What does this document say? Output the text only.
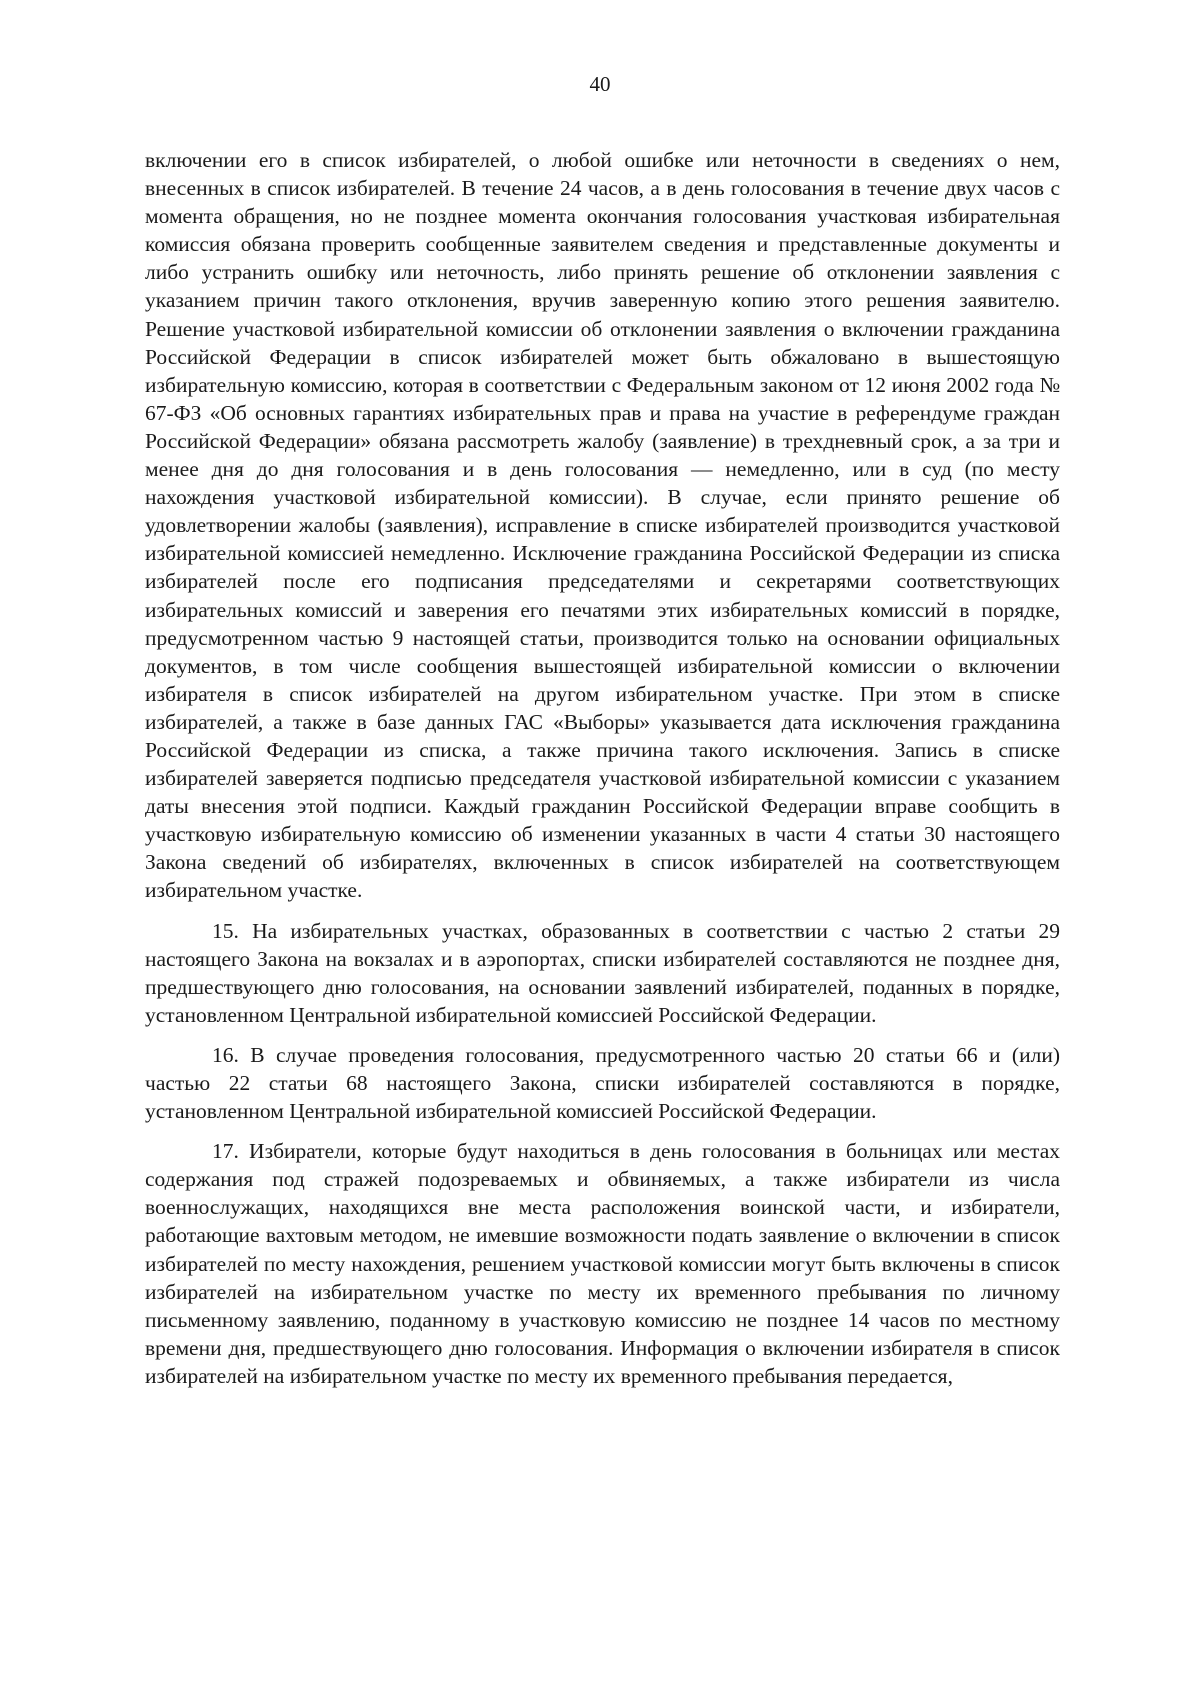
40

включении его в список избирателей, о любой ошибке или неточности в сведениях о нем, внесенных в список избирателей. В течение 24 часов, а в день голосования в течение двух часов с момента обращения, но не позднее момента окончания голосования участковая избирательная комиссия обязана проверить сообщенные заявителем сведения и представленные документы и либо устранить ошибку или неточность, либо принять решение об отклонении заявления с указанием причин такого отклонения, вручив заверенную копию этого решения заявителю. Решение участковой избирательной комиссии об отклонении заявления о включении гражданина Российской Федерации в список избирателей может быть обжаловано в вышестоящую избирательную комиссию, которая в соответствии с Федеральным законом от 12 июня 2002 года № 67-ФЗ «Об основных гарантиях избирательных прав и права на участие в референдуме граждан Российской Федерации» обязана рассмотреть жалобу (заявление) в трехдневный срок, а за три и менее дня до дня голосования и в день голосования — немедленно, или в суд (по месту нахождения участковой избирательной комиссии). В случае, если принято решение об удовлетворении жалобы (заявления), исправление в списке избирателей производится участковой избирательной комиссией немедленно. Исключение гражданина Российской Федерации из списка избирателей после его подписания председателями и секретарями соответствующих избирательных комиссий и заверения его печатями этих избирательных комиссий в порядке, предусмотренном частью 9 настоящей статьи, производится только на основании официальных документов, в том числе сообщения вышестоящей избирательной комиссии о включении избирателя в список избирателей на другом избирательном участке. При этом в списке избирателей, а также в базе данных ГАС «Выборы» указывается дата исключения гражданина Российской Федерации из списка, а также причина такого исключения. Запись в списке избирателей заверяется подписью председателя участковой избирательной комиссии с указанием даты внесения этой подписи. Каждый гражданин Российской Федерации вправе сообщить в участковую избирательную комиссию об изменении указанных в части 4 статьи 30 настоящего Закона сведений об избирателях, включенных в список избирателей на соответствующем избирательном участке.

15. На избирательных участках, образованных в соответствии с частью 2 статьи 29 настоящего Закона на вокзалах и в аэропортах, списки избирателей составляются не позднее дня, предшествующего дню голосования, на основании заявлений избирателей, поданных в порядке, установленном Центральной избирательной комиссией Российской Федерации.

16. В случае проведения голосования, предусмотренного частью 20 статьи 66 и (или) частью 22 статьи 68 настоящего Закона, списки избирателей составляются в порядке, установленном Центральной избирательной комиссией Российской Федерации.

17. Избиратели, которые будут находиться в день голосования в больницах или местах содержания под стражей подозреваемых и обвиняемых, а также избиратели из числа военнослужащих, находящихся вне места расположения воинской части, и избиратели, работающие вахтовым методом, не имевшие возможности подать заявление о включении в список избирателей по месту нахождения, решением участковой комиссии могут быть включены в список избирателей на избирательном участке по месту их временного пребывания по личному письменному заявлению, поданному в участковую комиссию не позднее 14 часов по местному времени дня, предшествующего дню голосования. Информация о включении избирателя в список избирателей на избирательном участке по месту их временного пребывания передается,
